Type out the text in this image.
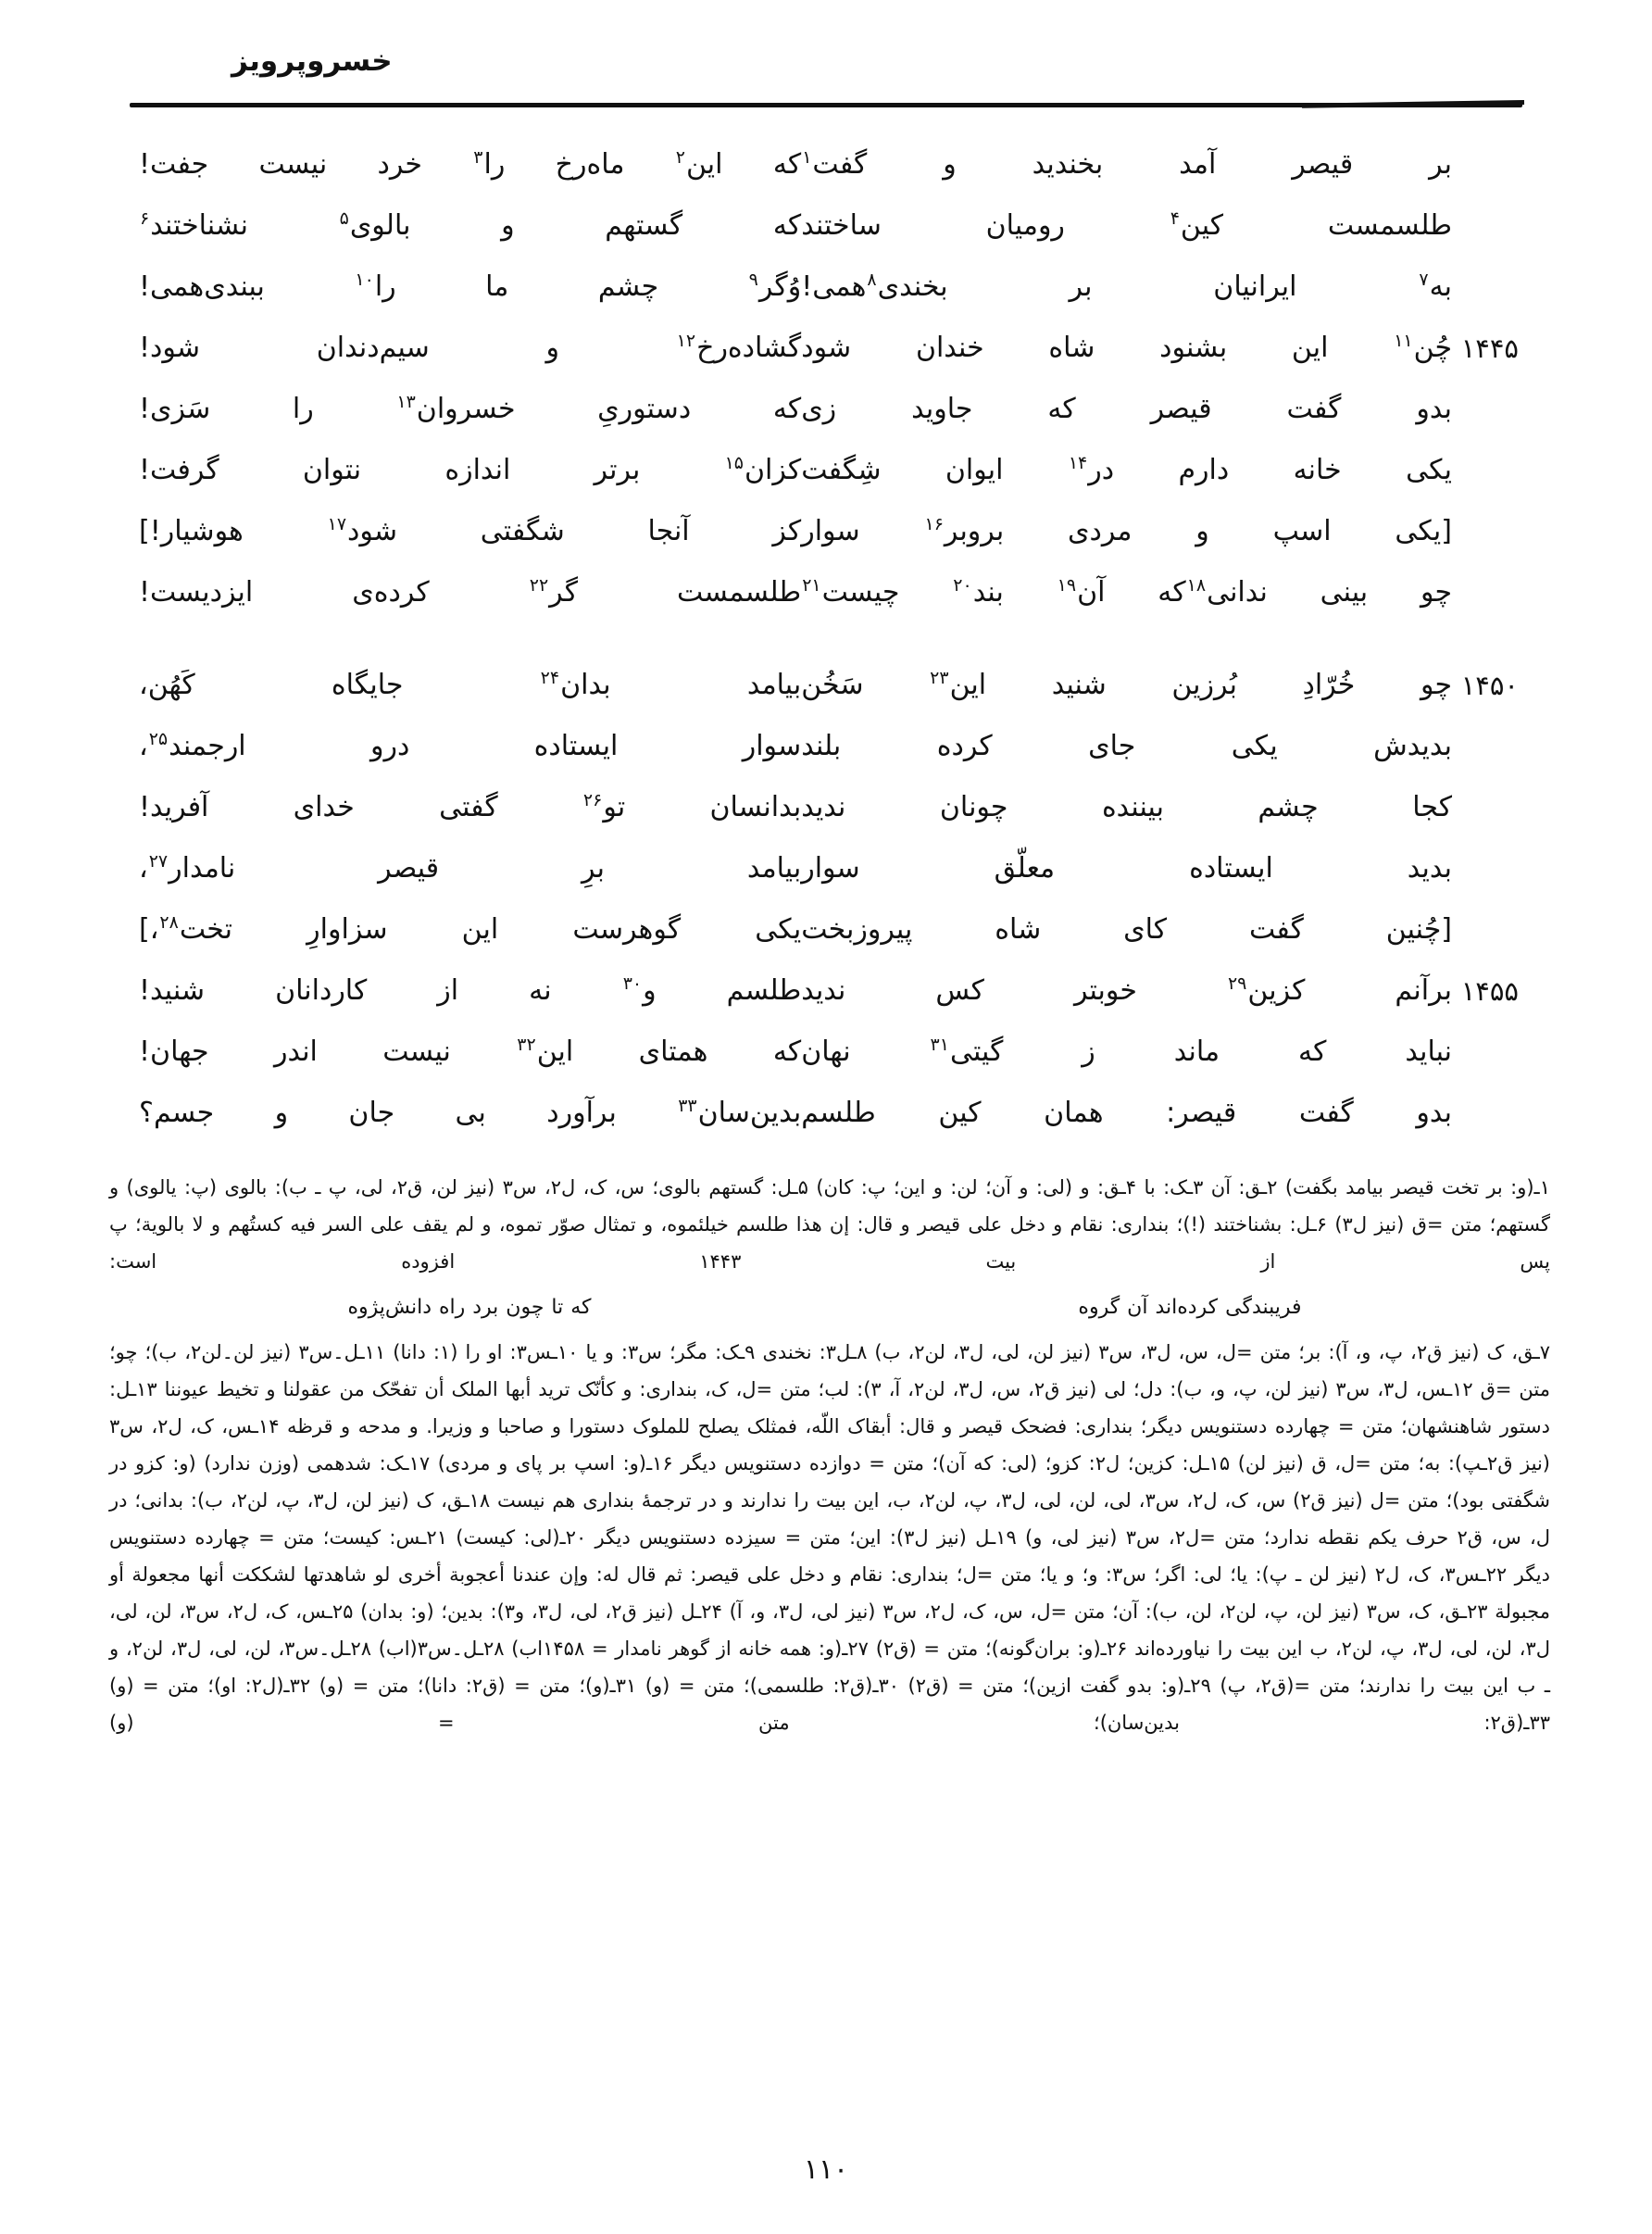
خسروپرویز
بر قیصر آمد بخندید و گفت$^۱$
که این$^۲$ ماه‌رخ را$^۳$ خرد نیست جفت!
طلسمست کین$^۴$ رومیان ساختند
که گستهم و بالوی$^۵$ نشناختند$^۶$
به$^۷$ ایرانیان بر بخندی$^۸$همی!
وُگر$^۹$ چشم ما را$^{۱۰}$ ببندی‌همی!
۱۴۴۵
چُن$^{۱۱}$ این بشنود شاه خندان شود
گشاده‌رخ$^{۱۲}$ و سیم‌دندان شود!
بدو گفت قیصر که جاوید زی
که دستوریِ خسروان$^{۱۳}$ را سَزی!
یکی خانه دارم در$^{۱۴}$ ایوان شِگفت
کزان$^{۱۵}$ برتر اندازه نتوان گرفت!
[یکی اسپ و مردی بروبر$^{۱۶}$ سوار
کز آنجا شگفتی شود$^{۱۷}$ هوشیار!]
چو بینی ندانی$^{۱۸}$که آن$^{۱۹}$ بند$^{۲۰}$ چیست$^{۲۱}$
طلسمست گر$^{۲۲}$ کرده‌ی ایزدیست!
۱۴۵۰
چو خُرّادِ بُرزین شنید این$^{۲۳}$ سَخُن
بیامد بدان$^{۲۴}$ جایگاه کَهُن،
بدیدش یکی جای کرده بلند
سوار ایستاده درو ارجمند$^{۲۵}$،
کجا چشم بیننده چونان ندید
بدانسان تو$^{۲۶}$ گفتی خدای آفرید!
بدید ایستاده معلّق سوار
بیامد برِ قیصر نامدار$^{۲۷}$،
[چُنین گفت کای شاه پیروزبخت
یکی گوهرست این سزاوارِ تخت$^{۲۸}$،]
۱۴۵۵
برآنم کزین$^{۲۹}$ خوبتر کس ندید
طلسم و$^{۳۰}$ نه از کاردانان شنید!
نباید که ماند ز گیتی$^{۳۱}$ نهان
که همتای این$^{۳۲}$ نیست اندر جهان!
بدو گفت قیصر: همان کین طلسم
بدین‌سان$^{۳۳}$ برآورد بی جان و جسم؟

۱ـ(و: بر تخت قیصر بیامد بگفت) ۲ـق: آن ۳ـک: با ۴ـق: و (لی: و آن؛ لن: و این؛ پ: کان) ۵ـل: گستهم بالوی؛ س، ک، ل۲، س۳ (نیز لن، ق۲، لی، پ ـ ب): بالوی (پ: یالوی) و گستهم؛ متن =ق (نیز ل۳) ۶ـل: بشناختند (!)؛ بنداری: نقام و دخل علی قیصر و قال: إن هذا طلسم خیلئموه، و تمثال صوّر تموه، و لم یقف علی السر فیه کستُهم و لا بالویة؛ پ پس از بیت ۱۴۴۳ افزوده است:

فریبندگی کرده‌اند آن گروه
که تا چون برد راه دانش‌پژوه

۷ـق، ک (نیز ق۲، پ، و، آ): بر؛ متن =ل، س، ل۳، س۳ (نیز لن، لی، ل۳، لن۲، ب) ۸ـل۳: نخندی ۹ـک: مگر؛ س۳: و یا ۱۰ـس۳: او را (۱: دانا) ۱۱ـل۔س۳ (نیز لن۔لن۲، ب)؛ چو؛ متن =ق ۱۲ـس، ل۳، س۳ (نیز لن، پ، و، ب): دل؛ لی (نیز ق۲، س، ل۳، لن۲، آ، ۳): لب؛ متن =ل، ک، بنداری: و کأنّک ترید أبها الملک أن تفحّک من عقولنا و تخیط عیوننا ۱۳ـل: دستور شاهنشهان؛ متن = چهارده دستنویس دیگر؛ بنداری: فضحک قیصر و قال: أبقاک اللّه، فمثلک یصلح للملوک دستورا و صاحبا و وزیرا. و مدحه و قرظه ۱۴ـس، ک، ل۲، س۳ (نیز ق۲ـپ): به؛ متن =ل، ق (نیز لن) ۱۵ـل: کزین؛ ل۲: کزو؛ (لی: که آن)؛ متن = دوازده دستنویس دیگر ۱۶ـ(و: اسپ بر پای و مردی) ۱۷ـک: شدهمی (وزن ندارد) (و: کزو در شگفتی بود)؛ متن =ل (نیز ق۲) س، ک، ل۲، س۳، لی، لن، لی، ل۳، پ، لن۲، ب، این بیت را ندارند و در ترجمهٔ بنداری هم نیست ۱۸ـق، ک (نیز لن، ل۳، پ، لن۲، ب): بدانی؛ در ل، س، ق۲ حرف یکم نقطه ندارد؛ متن =ل۲، س۳ (نیز لی، و) ۱۹ـل (نیز ل۳): این؛ متن = سیزده دستنویس دیگر ۲۰ـ(لی: کیست) ۲۱ـس: کیست؛ متن = چهارده دستنویس دیگر ۲۲ـس۳، ک، ل۲ (نیز لن ـ پ): یا؛ لی: اگر؛ س۳: و؛ و یا؛ متن =ل؛ بنداری: نقام و دخل علی قیصر: ثم قال له: وإن عندنا أعجوبة أخری لو شاهدتها لشککت أنها مجعولة أو مجبولة ۲۳ـق، ک، س۳ (نیز لن، پ، لن۲، لن، ب): آن؛ متن =ل، س، ک، ل۲، س۳ (نیز لی، ل۳، و، آ) ۲۴ـل (نیز ق۲، لی، ل۳، و۳): بدین؛ (و: بدان) ۲۵ـس، ک، ل۲، س۳، لن، لی، ل۳، لن، لی، ل۳، پ، لن۲، ب این بیت را نیاورده‌اند ۲۶ـ(و: بران‌گونه)؛ متن = (ق۲) ۲۷ـ(و: همه خانه از گوهر نامدار = ۱۴۵۸اب) ۲۸ـل۔س۳(اب) ۲۸ـل۔س۳، لن، لی، ل۳، لن۲، و ـ ب این بیت را ندارند؛ متن =(ق۲، پ) ۲۹ـ(و: بدو گفت ازین)؛ متن = (ق۲) ۳۰ـ(ق۲: طلسمی)؛ متن = (و) ۳۱ـ(و)؛ متن = (ق۲: دانا)؛ متن = (و) ۳۲ـ(ل۲: او)؛ متن = (و) ۳۳ـ(ق۲: بدین‌سان)؛ متن = (و)

۱۱۰
